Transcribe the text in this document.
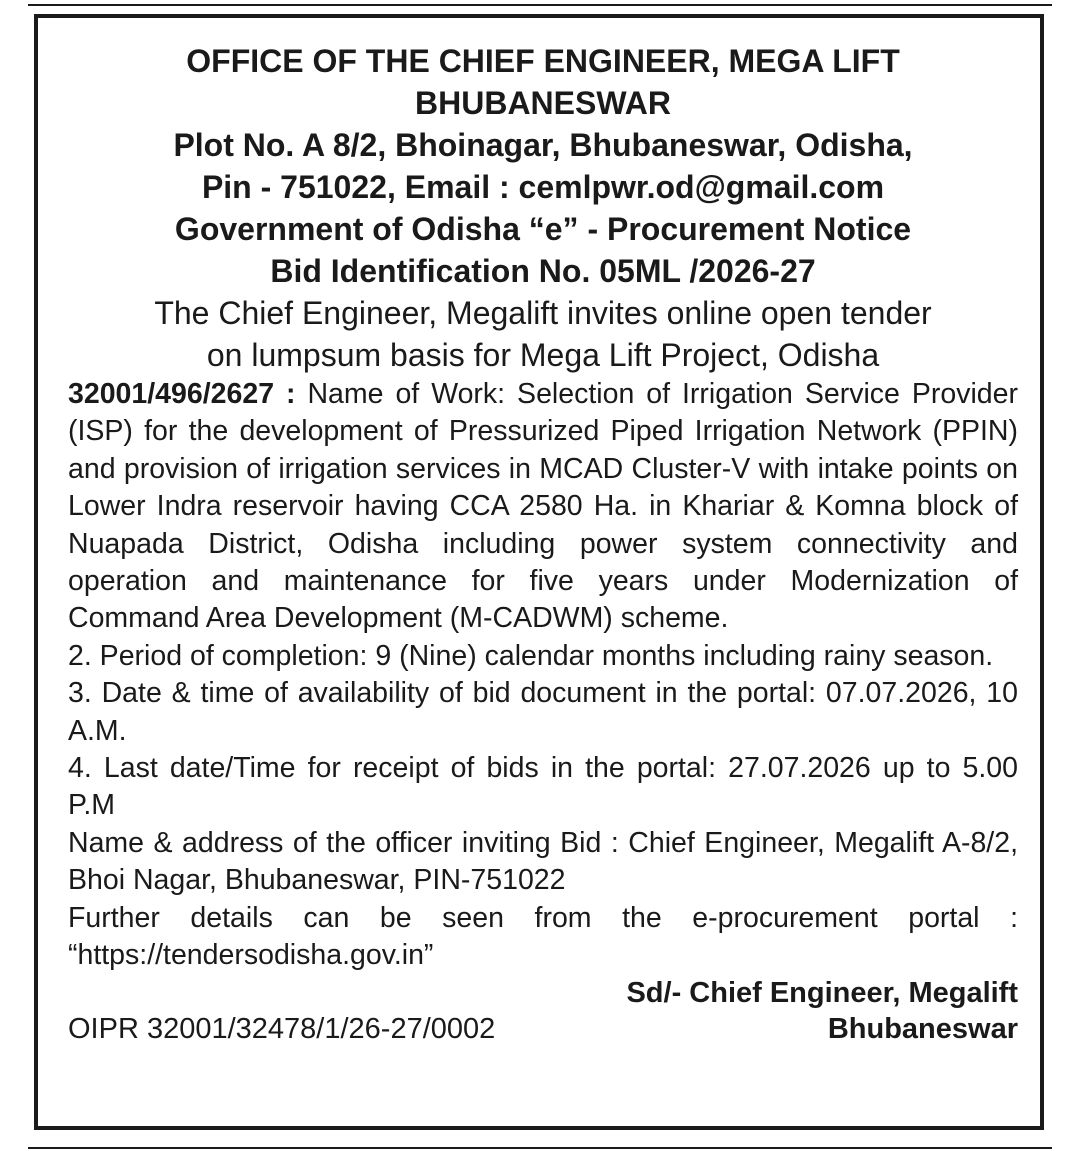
OFFICE OF THE CHIEF ENGINEER, MEGA LIFT

BHUBANESWAR

Plot No. A 8/2, Bhoinagar, Bhubaneswar, Odisha,

Pin - 751022, Email : cemlpwr.od@gmail.com

Government of Odisha “e” - Procurement Notice

Bid Identification No. 05ML /2026-27

The Chief Engineer, Megalift invites online open tender

on lumpsum basis for Mega Lift Project, Odisha

32001/496/2627 : Name of Work: Selection of Irrigation Service Provider (ISP) for the development of Pressurized Piped Irrigation Network (PPIN) and provision of irrigation services in MCAD Cluster-V with intake points on Lower Indra reservoir having CCA 2580 Ha. in Khariar & Komna block of Nuapada District, Odisha including power system connectivity and operation and maintenance for five years under Modernization of Command Area Development (M-CADWM) scheme.

2. Period of completion: 9 (Nine) calendar months including rainy season.

3. Date & time of availability of bid document in the portal: 07.07.2026, 10 A.M.

4. Last date/Time for receipt of bids in the portal: 27.07.2026 up to 5.00 P.M

Name & address of the officer inviting Bid : Chief Engineer, Megalift A-8/2, Bhoi Nagar, Bhubaneswar, PIN-751022

Further details can be seen from the e-procurement portal : “https://tendersodisha.gov.in”

Sd/- Chief Engineer, Megalift

OIPR 32001/32478/1/26-27/0002	Bhubaneswar
